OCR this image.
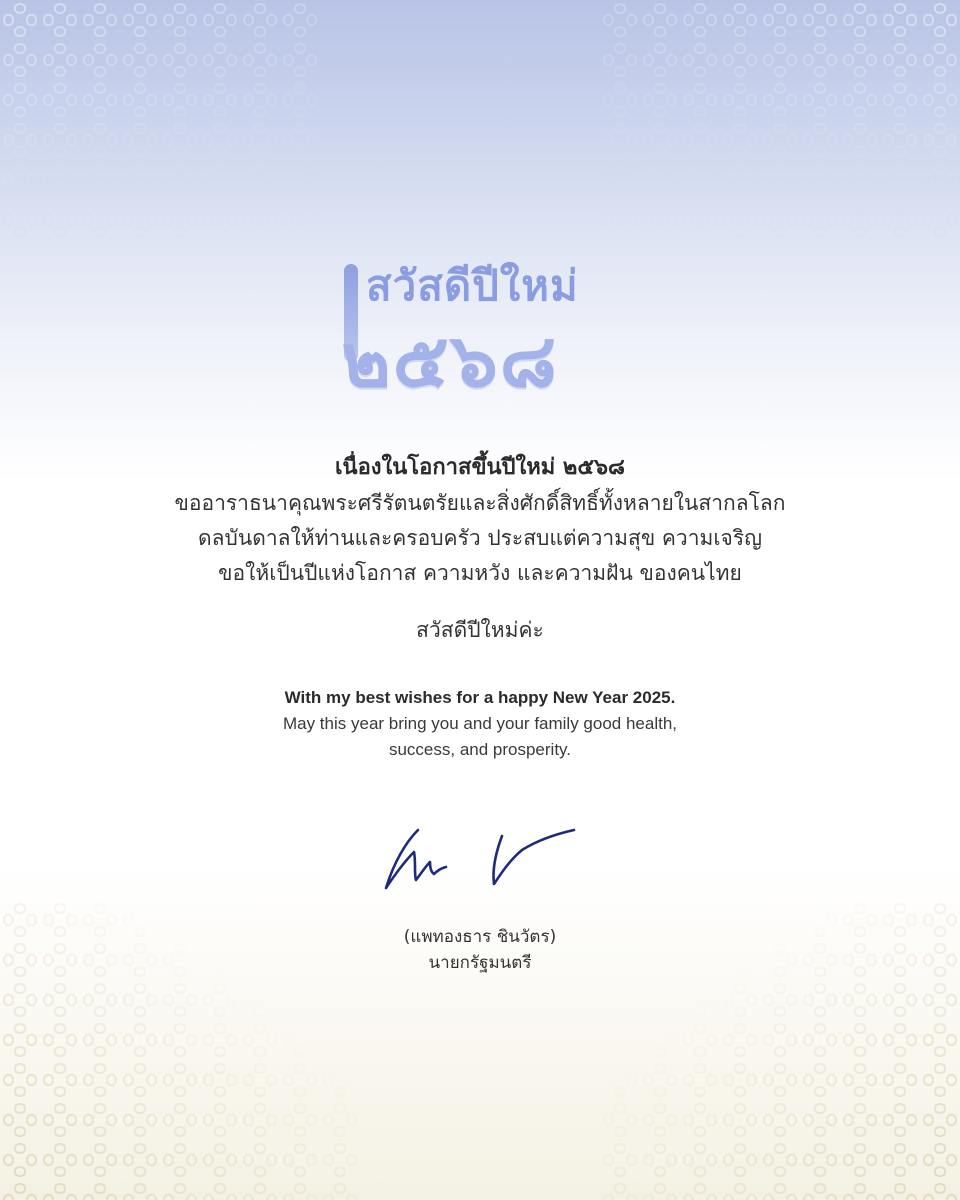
สวัสดีปีใหม่
๒๕๖๘
เนื่องในโอกาสขึ้นปีใหม่ ๒๕๖๘
ขออาราธนาคุณพระศรีรัตนตรัยและสิ่งศักดิ์สิทธิ์ทั้งหลายในสากลโลก
ดลบันดาลให้ท่านและครอบครัว ประสบแต่ความสุข ความเจริญ
ขอให้เป็นปีแห่งโอกาส ความหวัง และความฝัน ของคนไทย
สวัสดีปีใหม่ค่ะ
With my best wishes for a happy New Year 2025.
May this year bring you and your family good health,
success, and prosperity.
(แพทองธาร ชินวัตร)
นายกรัฐมนตรี
